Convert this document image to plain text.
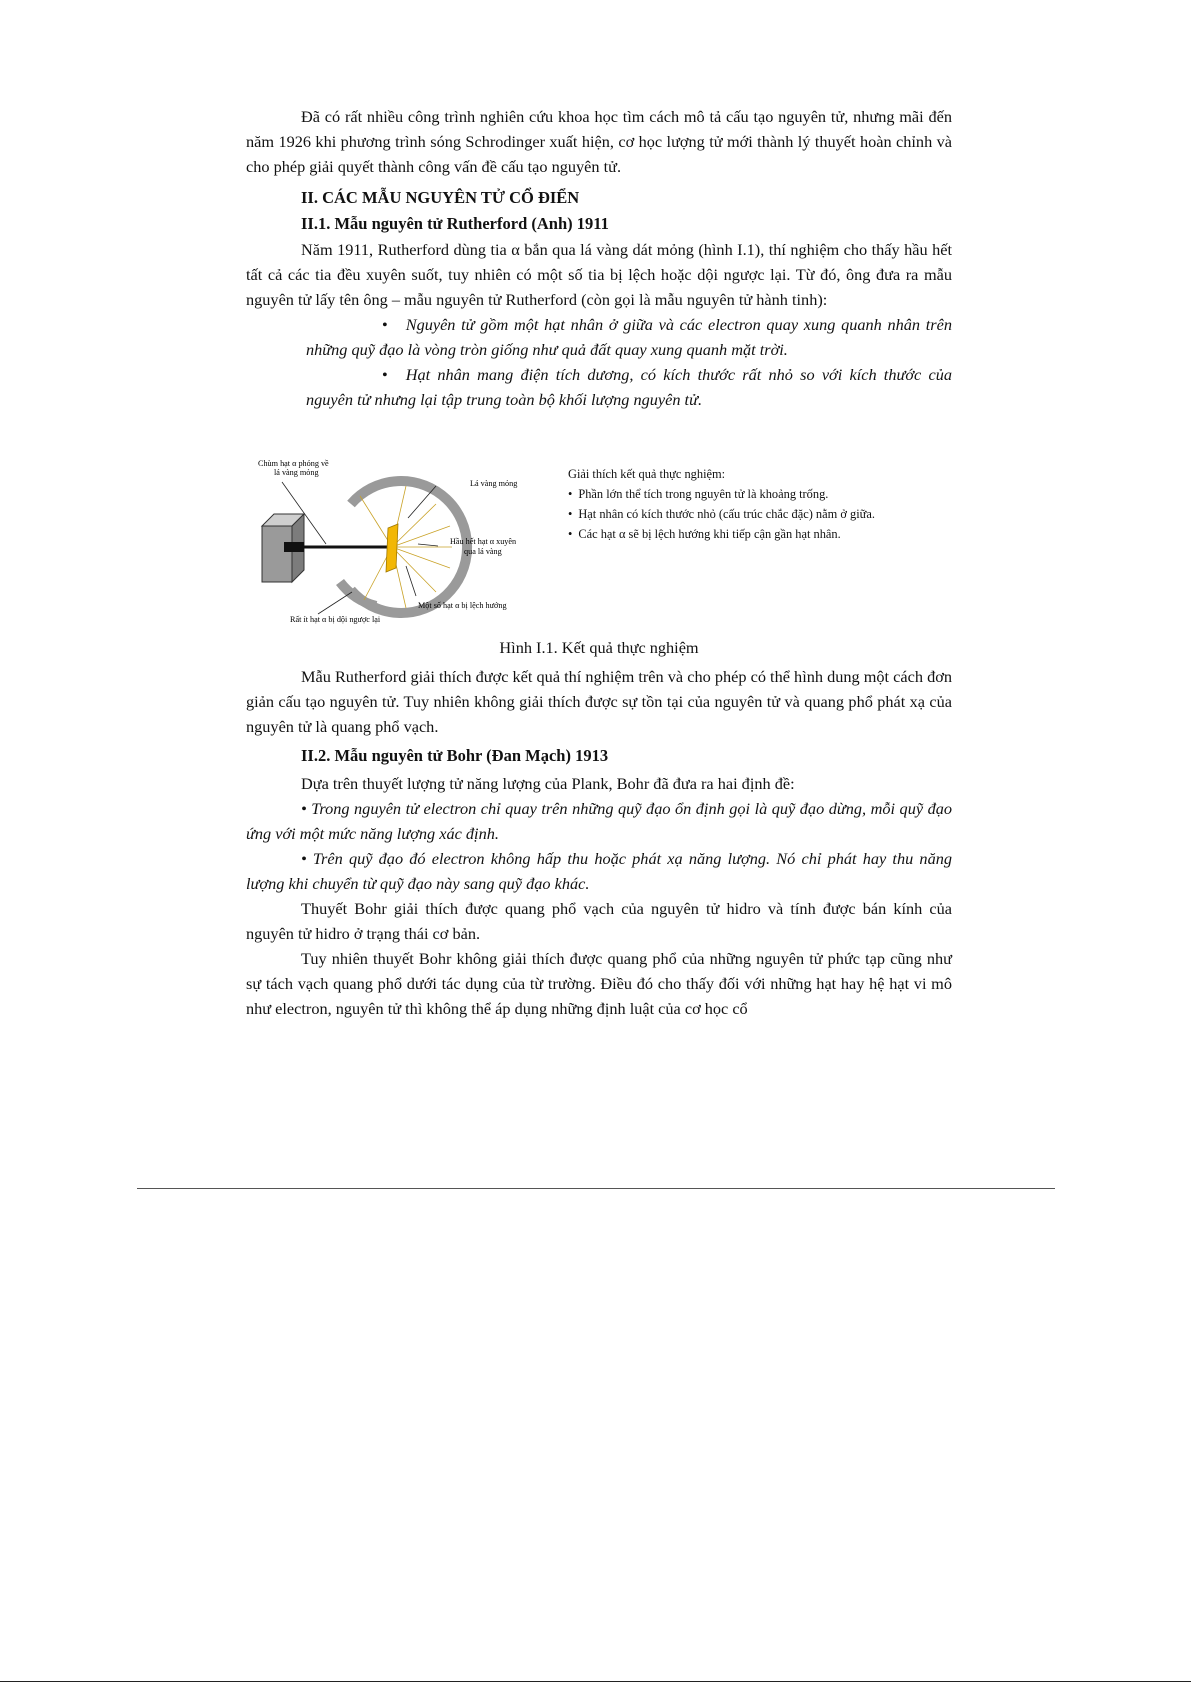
Đã có rất nhiều công trình nghiên cứu khoa học tìm cách mô tả cấu tạo nguyên tử, nhưng mãi đến năm 1926 khi phương trình sóng Schrodinger xuất hiện, cơ học lượng tử mới thành lý thuyết hoàn chỉnh và cho phép giải quyết thành công vấn đề cấu tạo nguyên tử.

II. CÁC MẪU NGUYÊN TỬ CỔ ĐIỂN
II.1. Mẫu nguyên tử Rutherford (Anh) 1911

Năm 1911, Rutherford dùng tia α bắn qua lá vàng dát mỏng (hình I.1), thí nghiệm cho thấy hầu hết tất cả các tia đều xuyên suốt, tuy nhiên có một số tia bị lệch hoặc dội ngược lại. Từ đó, ông đưa ra mẫu nguyên tử lấy tên ông – mẫu nguyên tử Rutherford (còn gọi là mẫu nguyên tử hành tinh):

• Nguyên tử gồm một hạt nhân ở giữa và các electron quay xung quanh nhân trên những quỹ đạo là vòng tròn giống như quả đất quay xung quanh mặt trời.
• Hạt nhân mang điện tích dương, có kích thước rất nhỏ so với kích thước của nguyên tử nhưng lại tập trung toàn bộ khối lượng nguyên tử.
Chùm hạt α phóng về
lá vàng mỏng
Lá vàng mỏng
Hầu hết hạt α xuyên
qua lá vàng
Một số hạt α bị lệch hướng
Rất ít hạt α bị dội ngược lại
Giải thích kết quả thực nghiệm:
• Phần lớn thể tích trong nguyên tử là khoảng trống.
• Hạt nhân có kích thước nhỏ (cấu trúc chắc đặc) nằm ở giữa.
• Các hạt α sẽ bị lệch hướng khi tiếp cận gần hạt nhân.

Hình I.1. Kết quả thực nghiệm

Mẫu Rutherford giải thích được kết quả thí nghiệm trên và cho phép có thể hình dung một cách đơn giản cấu tạo nguyên tử. Tuy nhiên không giải thích được sự tồn tại của nguyên tử và quang phổ phát xạ của nguyên tử là quang phổ vạch.

II.2. Mẫu nguyên tử Bohr (Đan Mạch) 1913

Dựa trên thuyết lượng tử năng lượng của Plank, Bohr đã đưa ra hai định đề:

• Trong nguyên tử electron chỉ quay trên những quỹ đạo ổn định gọi là quỹ đạo dừng, mỗi quỹ đạo ứng với một mức năng lượng xác định.

• Trên quỹ đạo đó electron không hấp thu hoặc phát xạ năng lượng. Nó chỉ phát hay thu năng lượng khi chuyển từ quỹ đạo này sang quỹ đạo khác.

Thuyết Bohr giải thích được quang phổ vạch của nguyên tử hidro và tính được bán kính của nguyên tử hidro ở trạng thái cơ bản.

Tuy nhiên thuyết Bohr không giải thích được quang phổ của những nguyên tử phức tạp cũng như sự tách vạch quang phổ dưới tác dụng của từ trường. Điều đó cho thấy đối với những hạt hay hệ hạt vi mô như electron, nguyên tử thì không thể áp dụng những định luật của cơ học cổ
